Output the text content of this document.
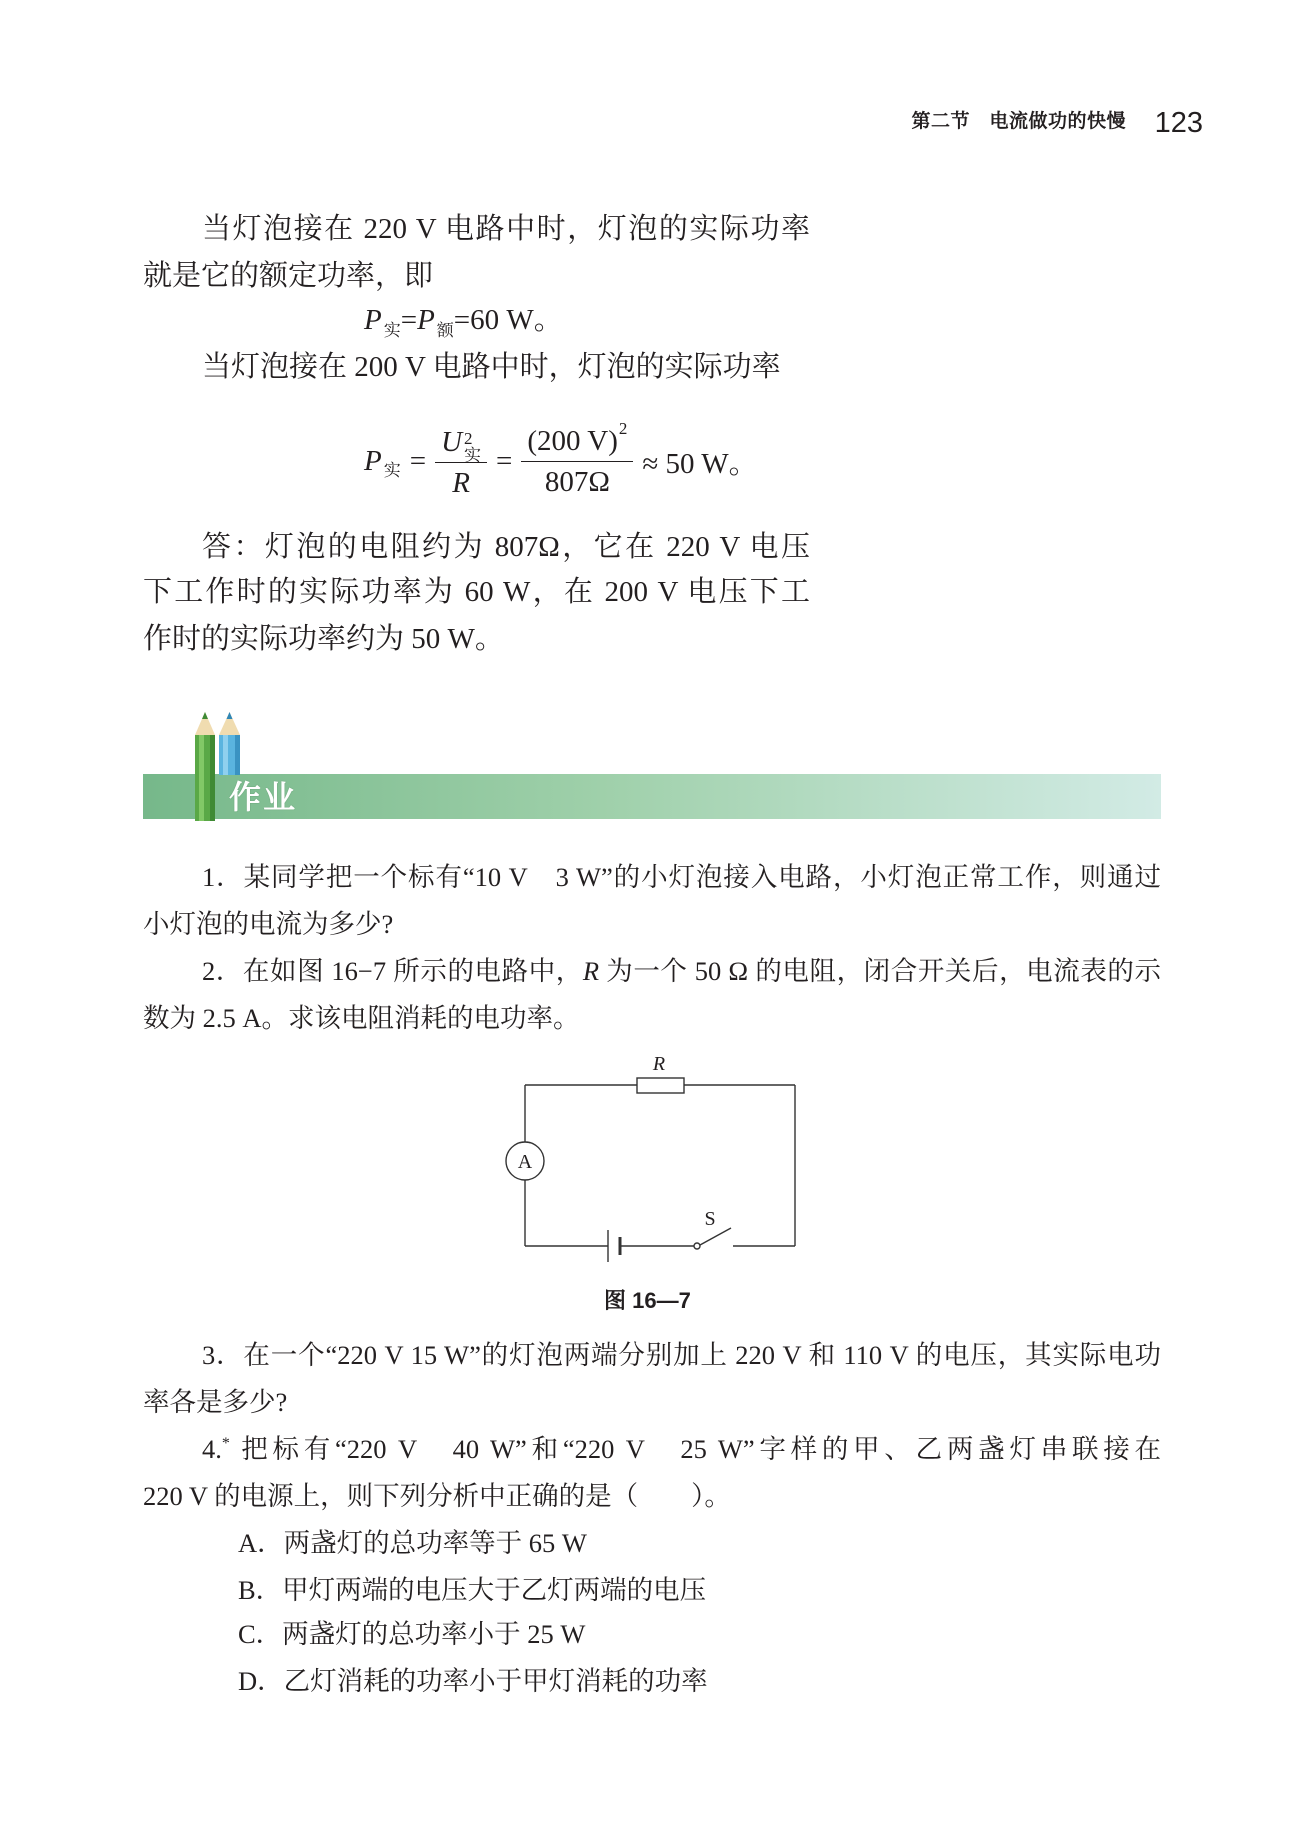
第二节　电流做功的快慢 123
当灯泡接在 220 V 电路中时，灯泡的实际功率
就是它的额定功率，即
P $_实$=P $_额$=60 W。
当灯泡接在 200 V 电路中时，灯泡的实际功率
P 实 = U 2
实
$R = \frac{(200 V) 2}{807\Omega} \approx 50$ W。
答：灯泡的电阻约为 807Ω，它在 220 V 电压
下工作时的实际功率为 60 W，在 200 V 电压下工
作时的实际功率约为 50 W。
作业
1．某同学把一个标有“10 V　3 W”的小灯泡接入电路，小灯泡正常工作，则通过
小灯泡的电流为多少?
2．在如图 16−7 所示的电路中，R 为一个 50 Ω 的电阻，闭合开关后，电流表的示
数为 2.5 A。求该电阻消耗的电功率。
R
A
S
图 16—7
3．在一个“220 V 15 W”的灯泡两端分别加上 220 V 和 110 V 的电压，其实际电功
率各是多少?
4.* 把标有“220 V　40 W”和“220 V　25 W”字样的甲、乙两盏灯串联接在
220 V 的电源上，则下列分析中正确的是（　　）。
A．两盏灯的总功率等于 65 W
B．甲灯两端的电压大于乙灯两端的电压
C．两盏灯的总功率小于 25 W
D．乙灯消耗的功率小于甲灯消耗的功率
